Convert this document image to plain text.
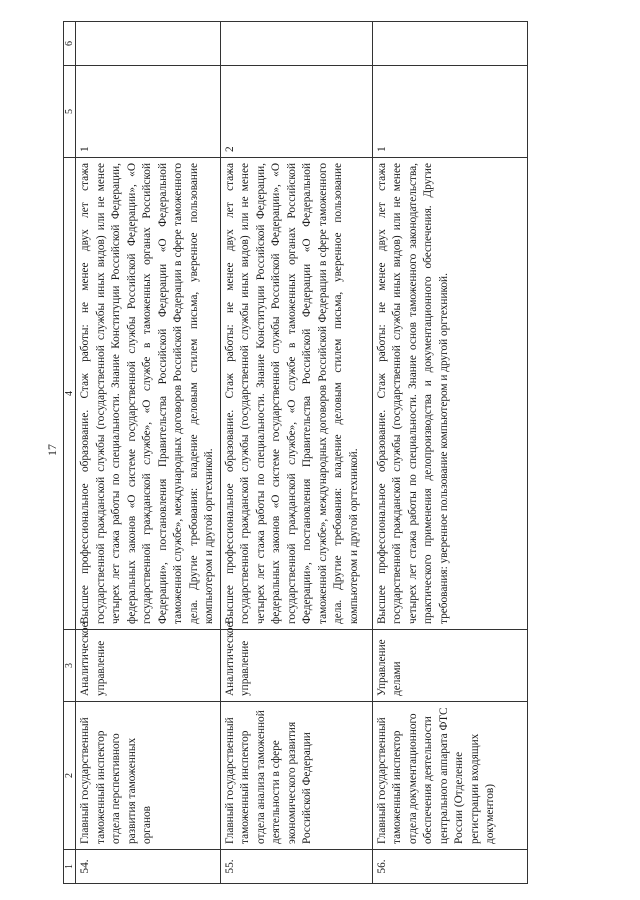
17
1	2	3	4	5	6
54.	Главный государственный таможенный инспектор отдела перспективного развития таможенных органов	Аналитическое управление	Высшее профессиональное образование. Стаж работы: не менее двух лет стажа государственной гражданской службы (государственной службы иных видов) или не менее четырех лет стажа работы по специальности. Знание Конституции Российской Федерации, федеральных законов «О системе государственной службы Российской Федерации», «О государственной гражданской службе», «О службе в таможенных органах Российской Федерации», постановления Правительства Российской Федерации «О Федеральной таможенной службе», международных договоров Российской Федерации в сфере таможенного дела. Другие требования: владение деловым стилем письма, уверенное пользование компьютером и другой оргтехникой.	1	
55.	Главный государственный таможенный инспектор отдела анализа таможенной деятельности в сфере экономического развития Российской Федерации	Аналитическое управление	Высшее профессиональное образование. Стаж работы: не менее двух лет стажа государственной гражданской службы (государственной службы иных видов) или не менее четырех лет стажа работы по специальности. Знание Конституции Российской Федерации, федеральных законов «О системе государственной службы Российской Федерации», «О государственной гражданской службе», «О службе в таможенных органах Российской Федерации», постановления Правительства Российской Федерации «О Федеральной таможенной службе», международных договоров Российской Федерации в сфере таможенного дела. Другие требования: владение деловым стилем письма, уверенное пользование компьютером и другой оргтехникой.	2	
56.	Главный государственный таможенный инспектор отдела документационного обеспечения деятельности центрального аппарата ФТС России (Отделение регистрации входящих документов)	Управление делами	Высшее профессиональное образование. Стаж работы: не менее двух лет стажа государственной гражданской службы (государственной службы иных видов) или не менее четырех лет стажа работы по специальности. Знание основ таможенного законодательства, практического применения делопроизводства и документационного обеспечения. Другие требования: уверенное пользование компьютером и другой оргтехникой.	1	
